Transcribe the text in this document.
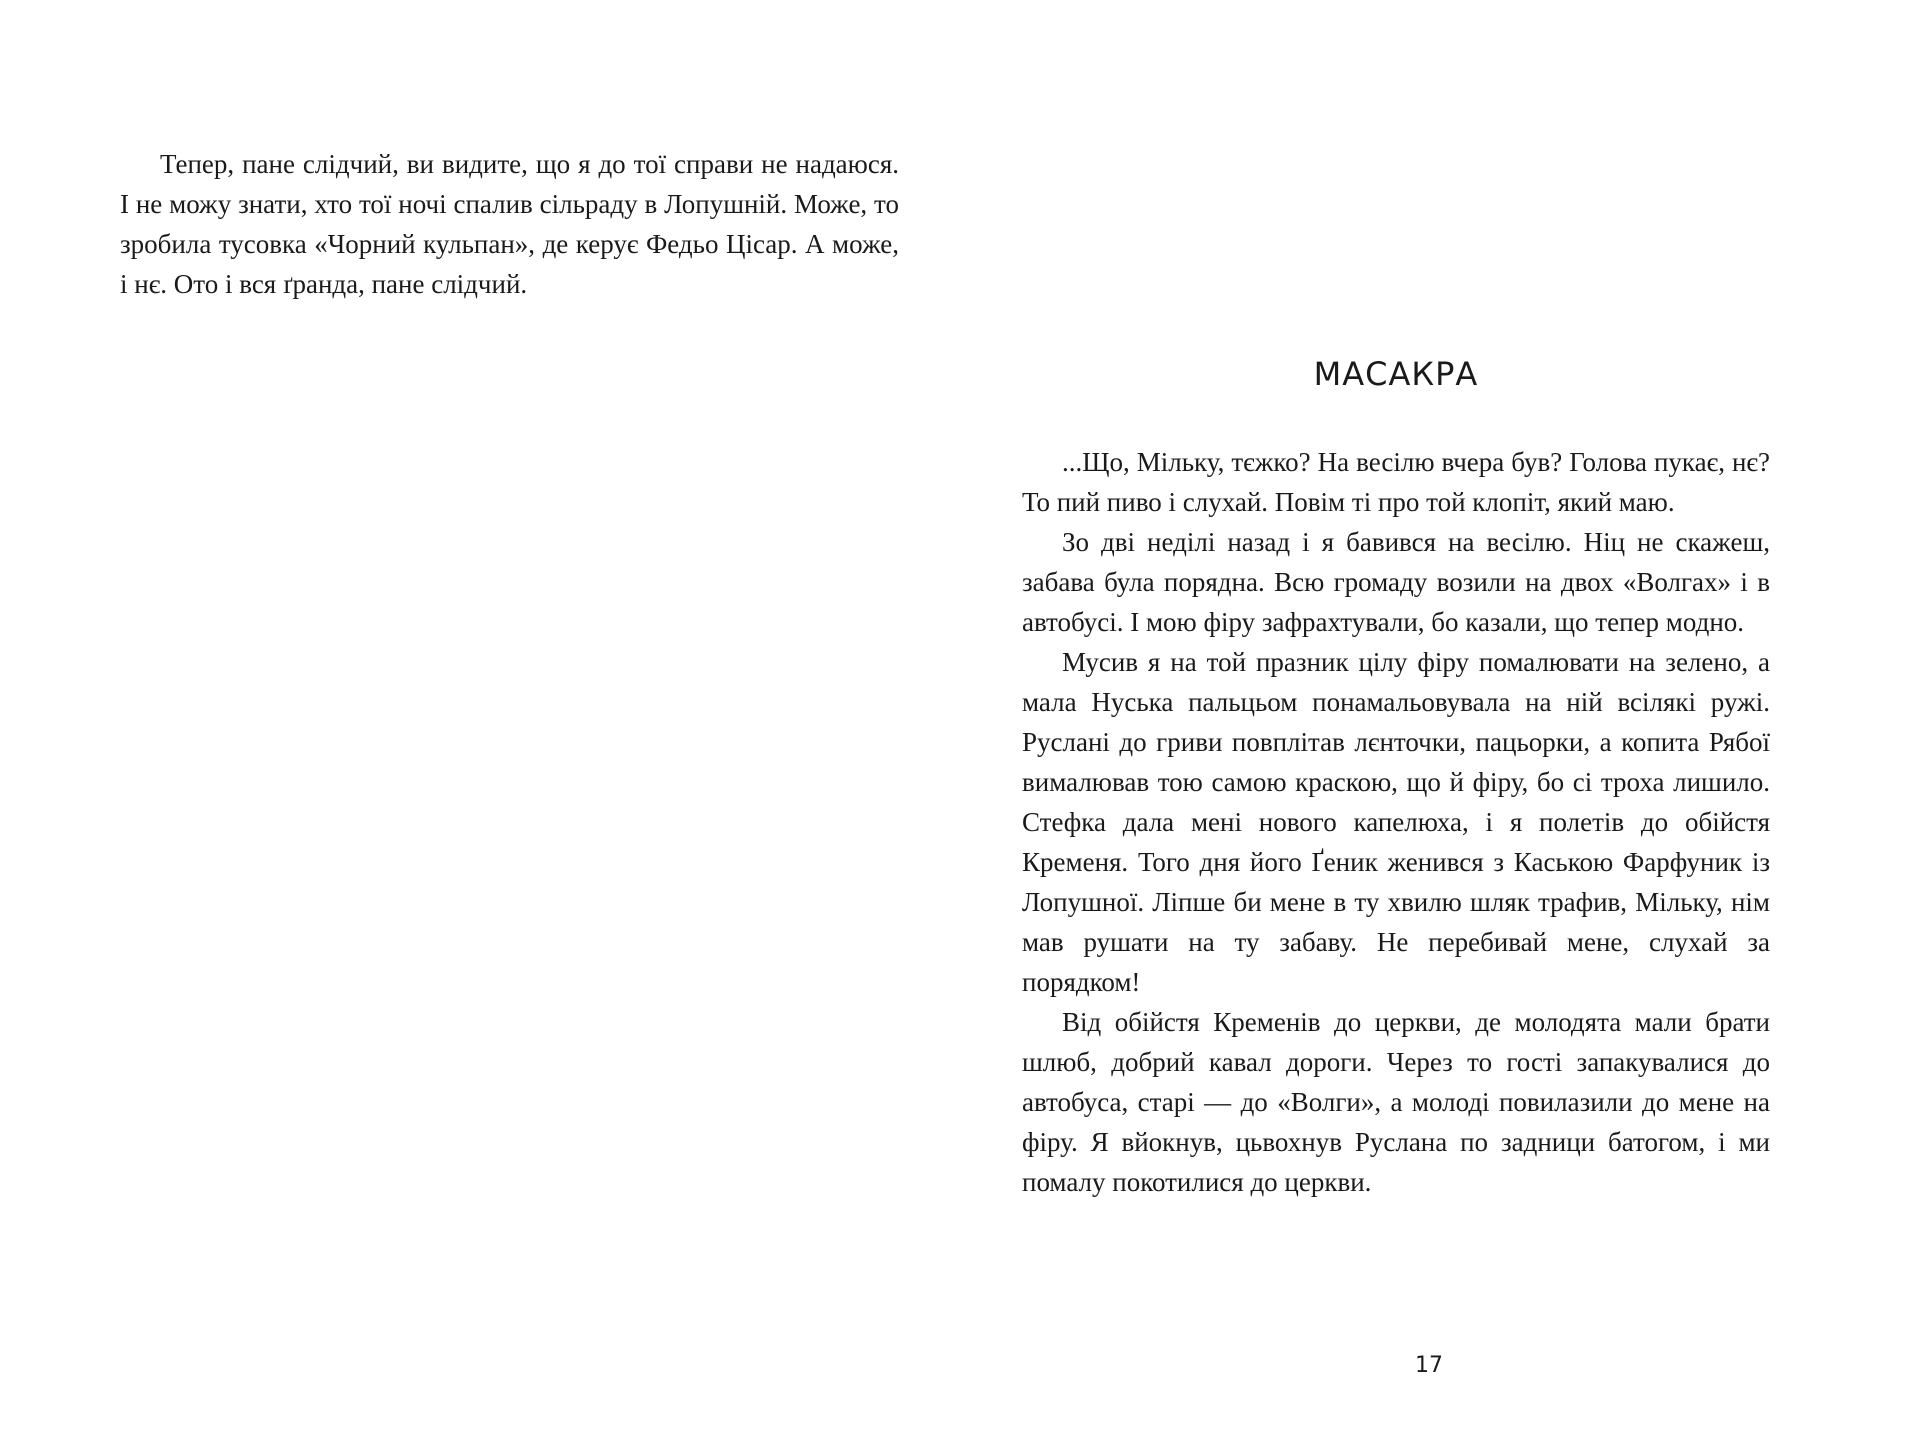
Тепер, пане слідчий, ви видите, що я до тої справи не надаюся. І не можу знати, хто тої ночі спалив сільраду в Лопушній. Може, то зробила тусовка «Чорний кульпан», де керує Федьо Цісар. А може, і нє. Ото і вся ґранда, пане слідчий.

МАСАКРА

...Що, Мільку, тєжко? На весілю вчера був? Голова пукає, нє? То пий пиво і слухай. Повім ті про той клопіт, який маю.

Зо дві неділі назад і я бавився на весілю. Ніц не скажеш, забава була порядна. Всю громаду возили на двох «Волгах» і в автобусі. І мою фіру зафрахтували, бо казали, що тепер модно.

Мусив я на той празник цілу фіру помалювати на зелено, а мала Нуська пальцьом понамальовувала на ній всілякі ружі. Руслані до гриви повплітав лєнточки, пацьорки, а копита Рябої вималював тою самою краскою, що й фіру, бо сі троха лишило. Стефка дала мені нового капелюха, і я полетів до обійстя Кременя. Того дня його Ґеник женився з Каською Фарфуник із Лопушної. Ліпше би мене в ту хвилю шляк трафив, Мільку, нім мав рушати на ту забаву. Не перебивай мене, слухай за порядком!

Від обійстя Кременів до церкви, де молодята мали брати шлюб, добрий кавал дороги. Через то гості запакувалися до автобуса, старі — до «Волги», а молоді повилазили до мене на фіру. Я вйокнув, цьвохнув Руслана по задници батогом, і ми помалу покотилися до церкви.

17
